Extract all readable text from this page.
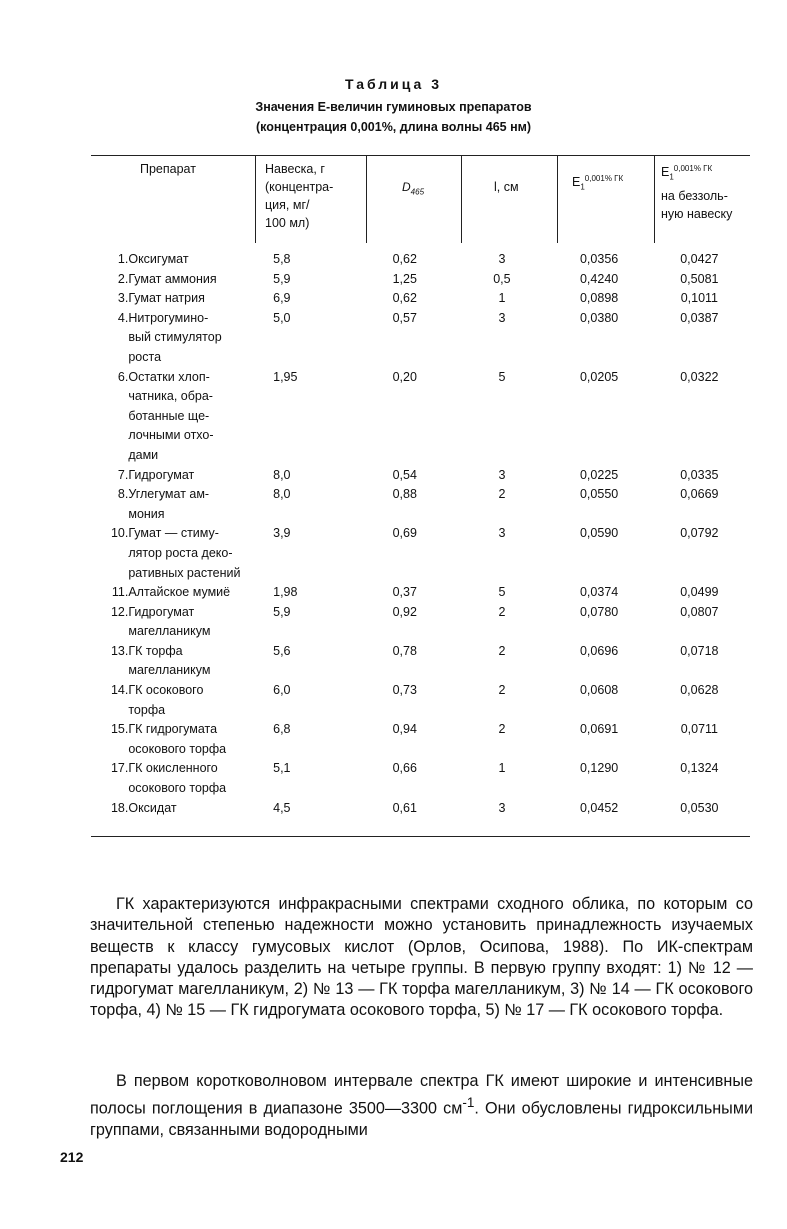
Таблица 3
Значения Е-величин гуминовых препаратов
(концентрация 0,001%, длина волны 465 нм)
Препарат	Навеска, г
(концентра-
ция, мг/
100 мл)
$D_{465}$	l, см	$E_1^{0,001\% ГК}$	$E_1^{0,001\% ГК}$
на беззоль-
ную навеску
1.	Оксигумат	5,8	0,62	3	0,0356	0,0427
2.	Гумат аммония	5,9	1,25	0,5	0,4240	0,5081
3.	Гумат натрия	6,9	0,62	1	0,0898	0,1011
4.	Нитрогумино-
вый стимулятор
роста	5,0	0,57	3	0,0380	0,0387
6.	Остатки хлоп-
чатника, обра-
ботанные ще-
лочными отхо-
дами	1,95	0,20	5	0,0205	0,0322
7.	Гидрогумат	8,0	0,54	3	0,0225	0,0335
8.	Углегумат ам-
мония	8,0	0,88	2	0,0550	0,0669
10.	Гумат — стиму-
лятор роста деко-
ративных растений	3,9	0,69	3	0,0590	0,0792
11.	Алтайское мумиё	1,98	0,37	5	0,0374	0,0499
12.	Гидрогумат
магелланикум	5,9	0,92	2	0,0780	0,0807
13.	ГК торфа
магелланикум	5,6	0,78	2	0,0696	0,0718
14.	ГК осокового
торфа	6,0	0,73	2	0,0608	0,0628
15.	ГК гидрогумата
осокового торфа	6,8	0,94	2	0,0691	0,0711
17.	ГК окисленного
осокового торфа	5,1	0,66	1	0,1290	0,1324
18.	Оксидат	4,5	0,61	3	0,0452	0,0530

ГК характеризуются инфракрасными спектрами сходного облика, по которым со значительной степенью надежности можно установить принадлежность изучаемых веществ к классу гумусовых кислот (Орлов, Осипова, 1988). По ИК-спектрам препараты удалось разделить на четыре группы. В первую группу входят: 1) № 12 — гидрогумат магелланикум, 2) № 13 — ГК торфа магелланикум, 3) № 14 — ГК осокового торфа, 4) № 15 — ГК гидрогумата осокового торфа, 5) № 17 — ГК осокового торфа.

В первом коротковолновом интервале спектра ГК имеют широкие и интенсивные полосы поглощения в диапазоне 3500—3300 $см^{-1}$. Они обусловлены гидроксильными группами, связанными водородными

212
